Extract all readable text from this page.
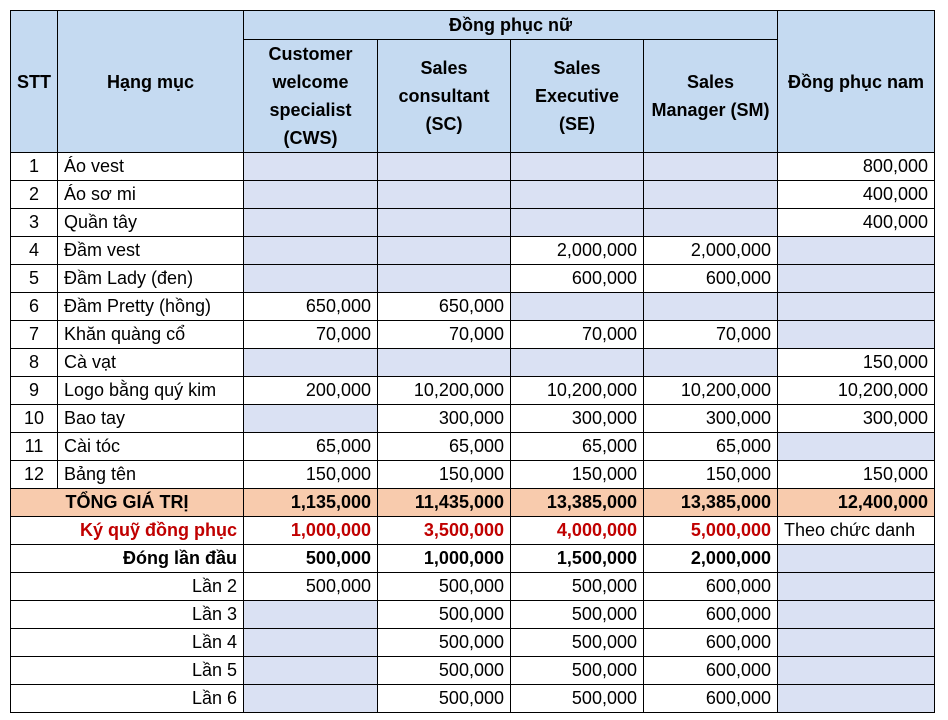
STT	Hạng mục	Đồng phục nữ				Đồng phục nam
		Customer welcome specialist (CWS)	Sales consultant (SC)	Sales Executive (SE)	Sales Manager (SM)	
1	Áo vest					800,000
2	Áo sơ mi					400,000
3	Quần tây					400,000
4	Đầm vest			2,000,000	2,000,000	
5	Đầm Lady (đen)			600,000	600,000	
6	Đầm Pretty (hồng)	650,000	650,000			
7	Khăn quàng cổ	70,000	70,000	70,000	70,000	
8	Cà vạt					150,000
9	Logo bằng quý kim	200,000	10,200,000	10,200,000	10,200,000	10,200,000
10	Bao tay		300,000	300,000	300,000	300,000
11	Cài tóc	65,000	65,000	65,000	65,000	
12	Bảng tên	150,000	150,000	150,000	150,000	150,000
TỔNG GIÁ TRỊ		1,135,000	11,435,000	13,385,000	13,385,000	12,400,000
Ký quỹ đồng phục		1,000,000	3,500,000	4,000,000	5,000,000	Theo chức danh
Đóng lần đầu		500,000	1,000,000	1,500,000	2,000,000	
Lần 2		500,000	500,000	500,000	600,000	
Lần 3			500,000	500,000	600,000	
Lần 4			500,000	500,000	600,000	
Lần 5			500,000	500,000	600,000	
Lần 6			500,000	500,000	600,000	
